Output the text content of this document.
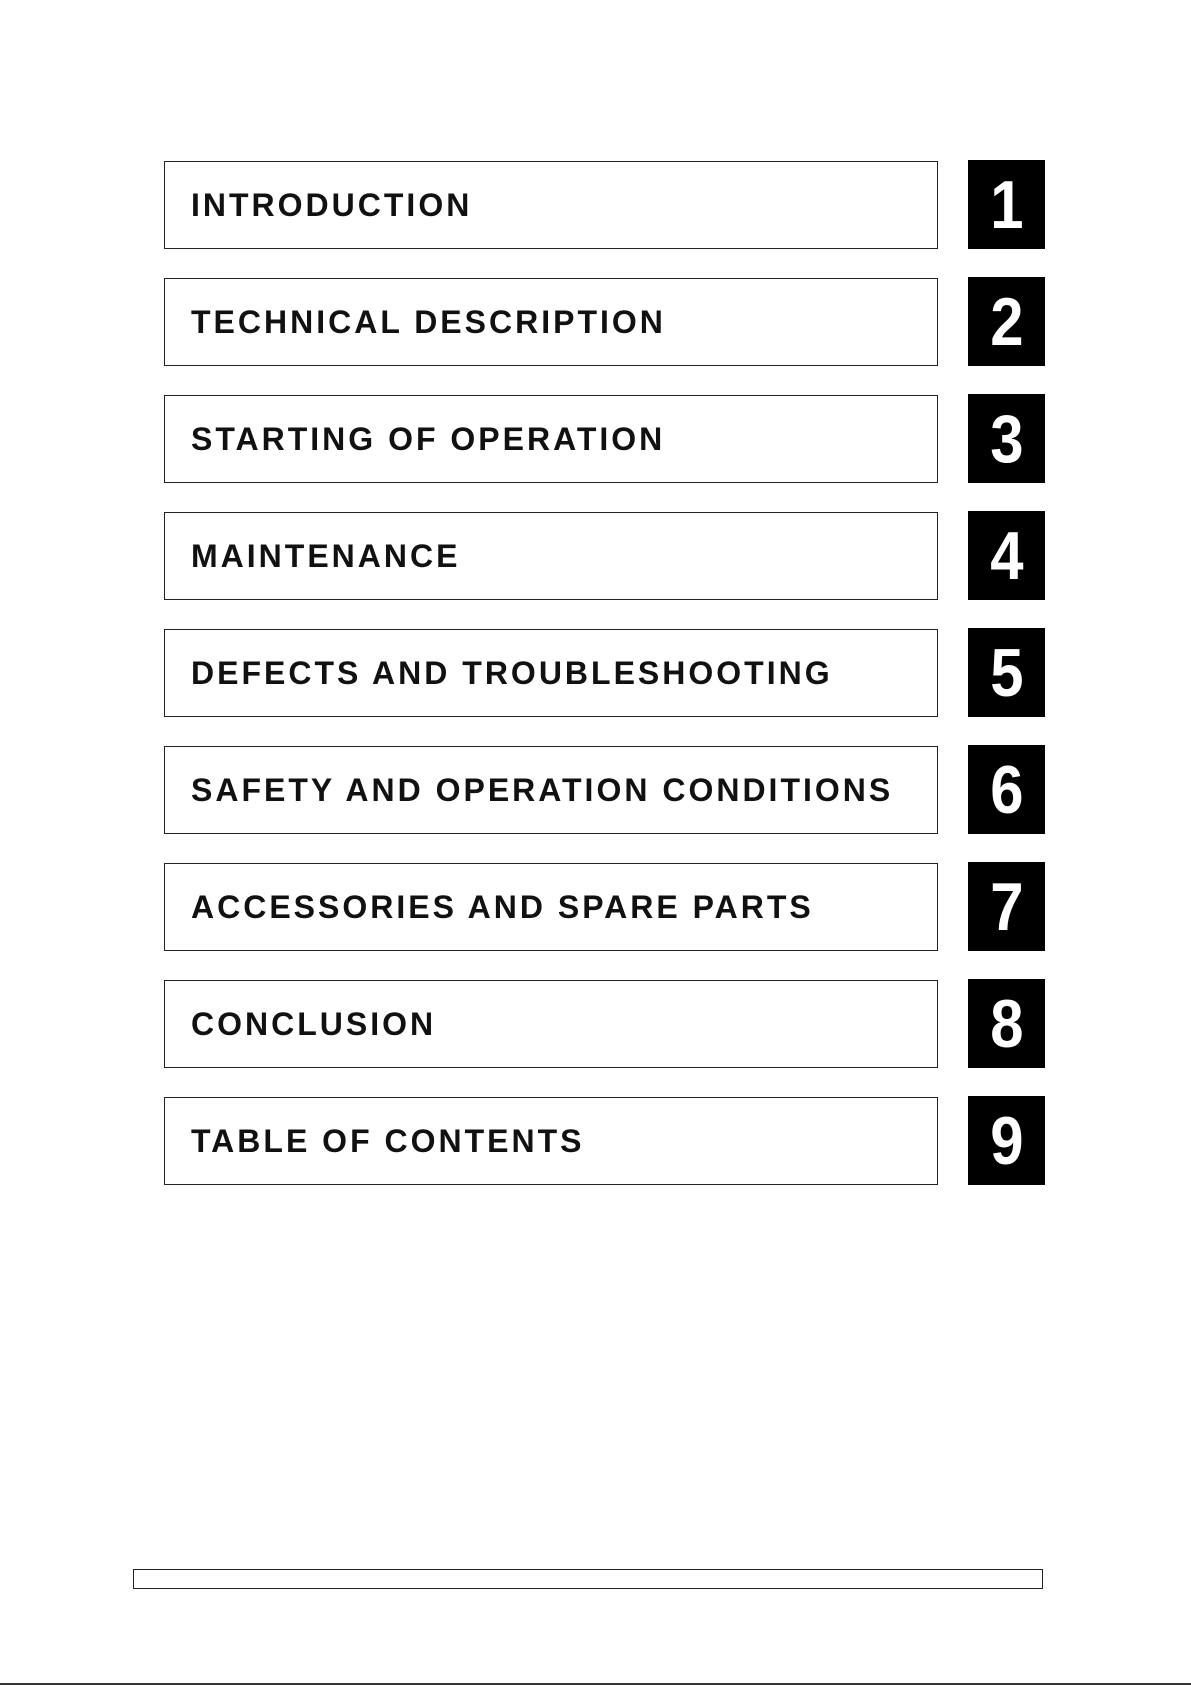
INTRODUCTION	1
TECHNICAL DESCRIPTION	2
STARTING OF OPERATION	3
MAINTENANCE	4
DEFECTS AND TROUBLESHOOTING 5
SAFETY AND OPERATION CONDITIONS 6
ACCESSORIES AND SPARE PARTS	7
CONCLUSION	8
TABLE OF CONTENTS	9
